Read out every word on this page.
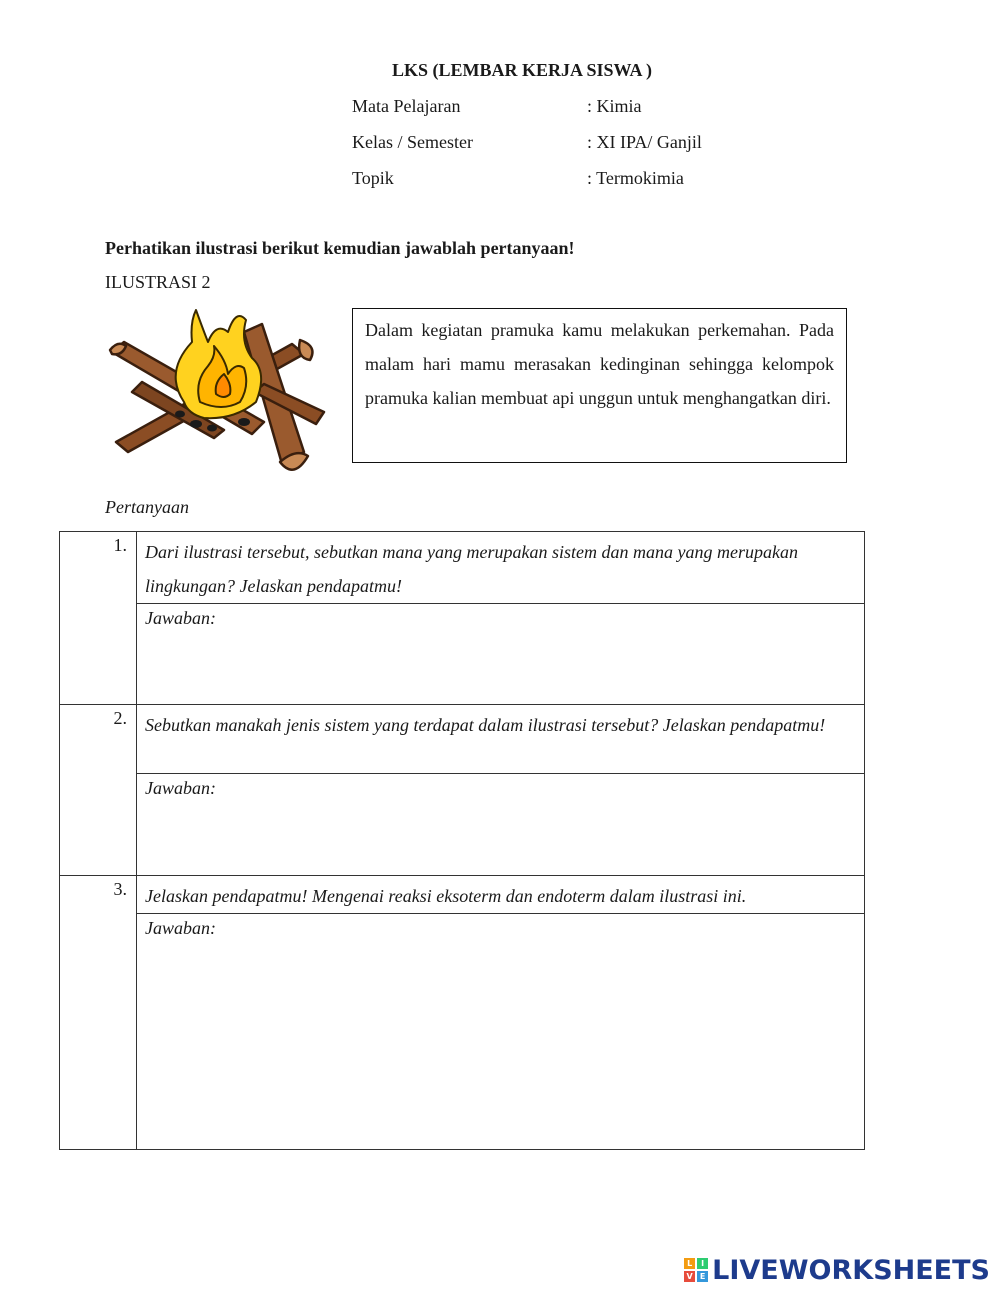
LKS (LEMBAR KERJA SISWA )
Mata Pelajaran	: Kimia
Kelas / Semester	: XI IPA/ Ganjil
Topik	: Termokimia
Perhatikan ilustrasi berikut kemudian jawablah pertanyaan!
ILUSTRASI 2
Dalam kegiatan pramuka kamu melakukan perkemahan. Pada malam hari mamu merasakan kedinginan sehingga kelompok pramuka kalian membuat api unggun untuk menghangatkan diri.
Pertanyaan
1.	Dari ilustrasi tersebut, sebutkan mana yang merupakan sistem dan mana yang merupakan lingkungan? Jelaskan pendapatmu!
	Jawaban:
2.	Sebutkan manakah jenis sistem yang terdapat dalam ilustrasi tersebut? Jelaskan pendapatmu!
	Jawaban:
3.	Jelaskan pendapatmu! Mengenai reaksi eksoterm dan endoterm dalam ilustrasi ini.
	Jawaban:
L	I
V E LIVEWORKSHEETS
